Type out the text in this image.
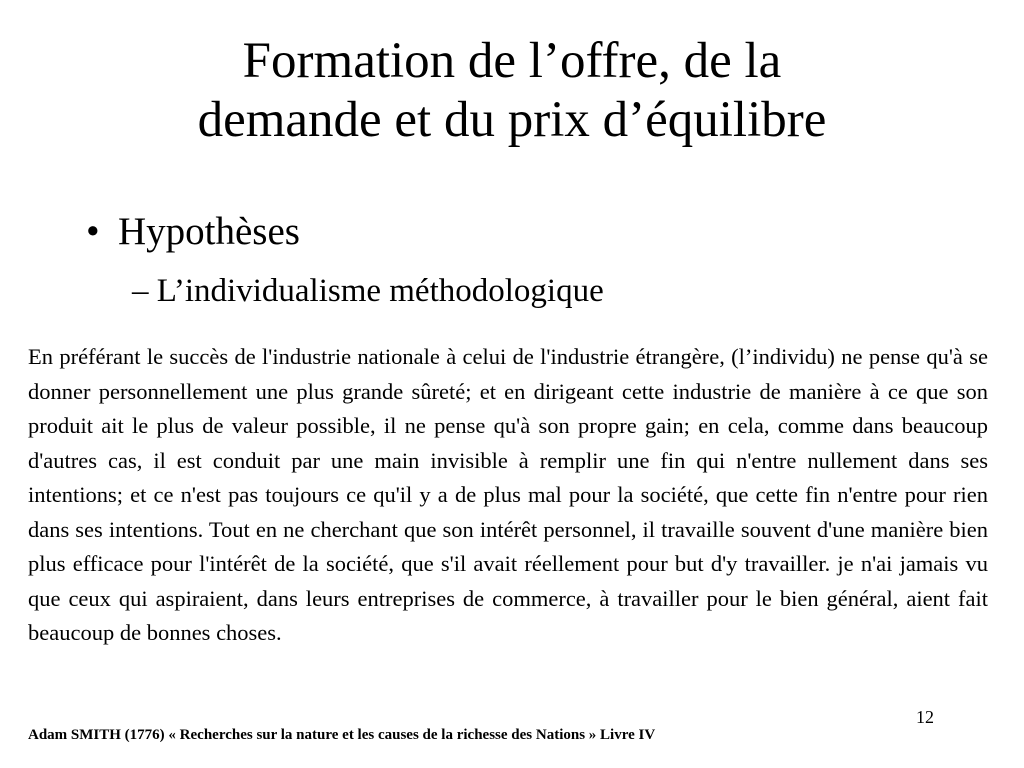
Formation de l’offre, de la
demande et du prix d’équilibre
• Hypothèses
– L’individualisme méthodologique

En préférant le succès de l'industrie nationale à celui de l'industrie étrangère, (l’individu) ne pense qu'à se donner personnellement une plus grande sûreté; et en dirigeant cette industrie de manière à ce que son produit ait le plus de valeur possible, il ne pense qu'à son propre gain; en cela, comme dans beaucoup d'autres cas, il est conduit par une main invisible à remplir une fin qui n'entre nullement dans ses intentions; et ce n'est pas toujours ce qu'il y a de plus mal pour la société, que cette fin n'entre pour rien dans ses intentions. Tout en ne cherchant que son intérêt personnel, il travaille souvent d'une manière bien plus efficace pour l'intérêt de la société, que s'il avait réellement pour but d'y travailler. je n'ai jamais vu que ceux qui aspiraient, dans leurs entreprises de commerce, à travailler pour le bien général, aient fait beaucoup de bonnes choses.

12
Adam SMITH (1776) « Recherches sur la nature et les causes de la richesse des Nations » Livre IV
